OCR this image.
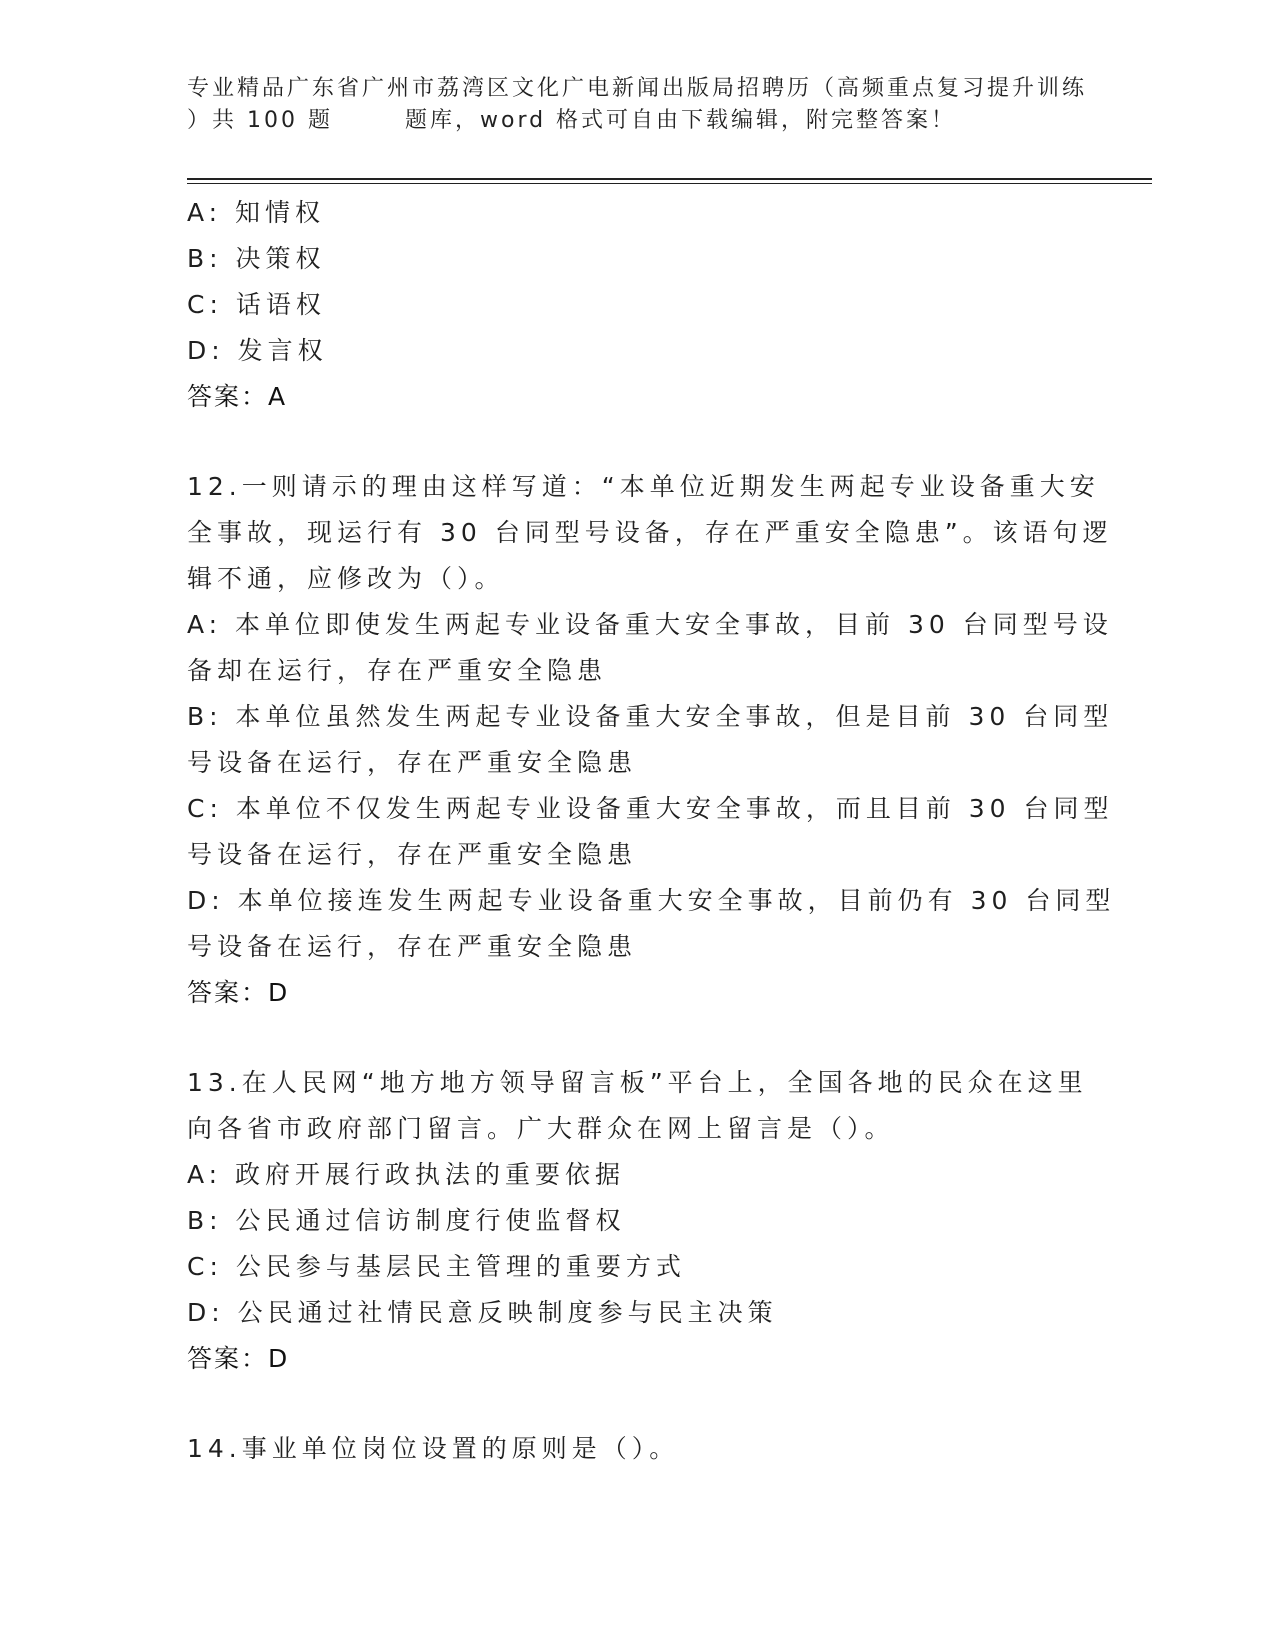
专业精品广东省广州市荔湾区文化广电新闻出版局招聘历（高频重点复习提升训练
）共 100 题	题库，word 格式可自由下载编辑，附完整答案！
A: 知情权
B: 决策权
C: 话语权
D: 发言权
答案：A
12.一则请示的理由这样写道：“本单位近期发生两起专业设备重大安
全事故，现运行有 30 台同型号设备，存在严重安全隐患”。该语句逻
辑不通，应修改为（）。
A: 本单位即使发生两起专业设备重大安全事故，目前 30 台同型号设
备却在运行，存在严重安全隐患
B: 本单位虽然发生两起专业设备重大安全事故，但是目前 30 台同型
号设备在运行，存在严重安全隐患
C: 本单位不仅发生两起专业设备重大安全事故，而且目前 30 台同型
号设备在运行，存在严重安全隐患
D: 本单位接连发生两起专业设备重大安全事故，目前仍有 30 台同型
号设备在运行，存在严重安全隐患
答案：D
13.在人民网“地方地方领导留言板”平台上，全国各地的民众在这里
向各省市政府部门留言。广大群众在网上留言是（）。
A: 政府开展行政执法的重要依据
B: 公民通过信访制度行使监督权
C: 公民参与基层民主管理的重要方式
D: 公民通过社情民意反映制度参与民主决策
答案：D
14.事业单位岗位设置的原则是（）。
